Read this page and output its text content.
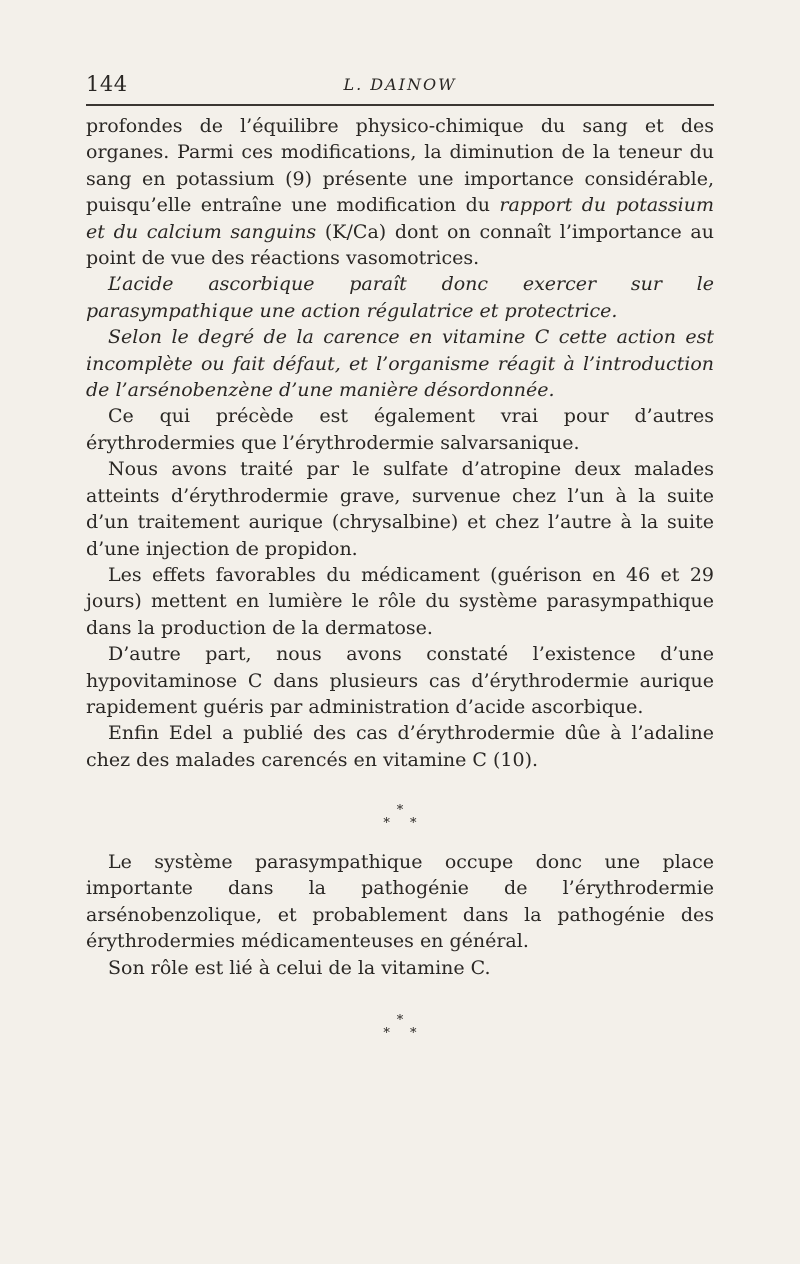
144	L. DAINOW

profondes de l’équilibre physico-chimique du sang et des organes. Parmi ces modifications, la diminution de la teneur du sang en potassium (9) présente une importance considérable, puisqu’elle entraîne une modification du rapport du potassium et du calcium sanguins (K/Ca) dont on connaît l’importance au point de vue des réactions vasomotrices.

L’acide ascorbique paraît donc exercer sur le parasympathique une action régulatrice et protectrice.

Selon le degré de la carence en vitamine C cette action est incomplète ou fait défaut, et l’organisme réagit à l’introduction de l’arsénobenzène d’une manière désordonnée.

Ce qui précède est également vrai pour d’autres érythrodermies que l’érythrodermie salvarsanique.

Nous avons traité par le sulfate d’atropine deux malades atteints d’érythrodermie grave, survenue chez l’un à la suite d’un traitement aurique (chrysalbine) et chez l’autre à la suite d’une injection de propidon.

Les effets favorables du médicament (guérison en 46 et 29 jours) mettent en lumière le rôle du système parasympathique dans la production de la dermatose.

D’autre part, nous avons constaté l’existence d’une hypovitaminose C dans plusieurs cas d’érythrodermie aurique rapidement guéris par administration d’acide ascorbique.

Enfin Edel a publié des cas d’érythrodermie dûe à l’adaline chez des malades carencés en vitamine C (10).

*
* *

Le système parasympathique occupe donc une place importante dans la pathogénie de l’érythrodermie arsénobenzolique, et probablement dans la pathogénie des érythrodermies médicamenteuses en général.

Son rôle est lié à celui de la vitamine C.

*
* *
